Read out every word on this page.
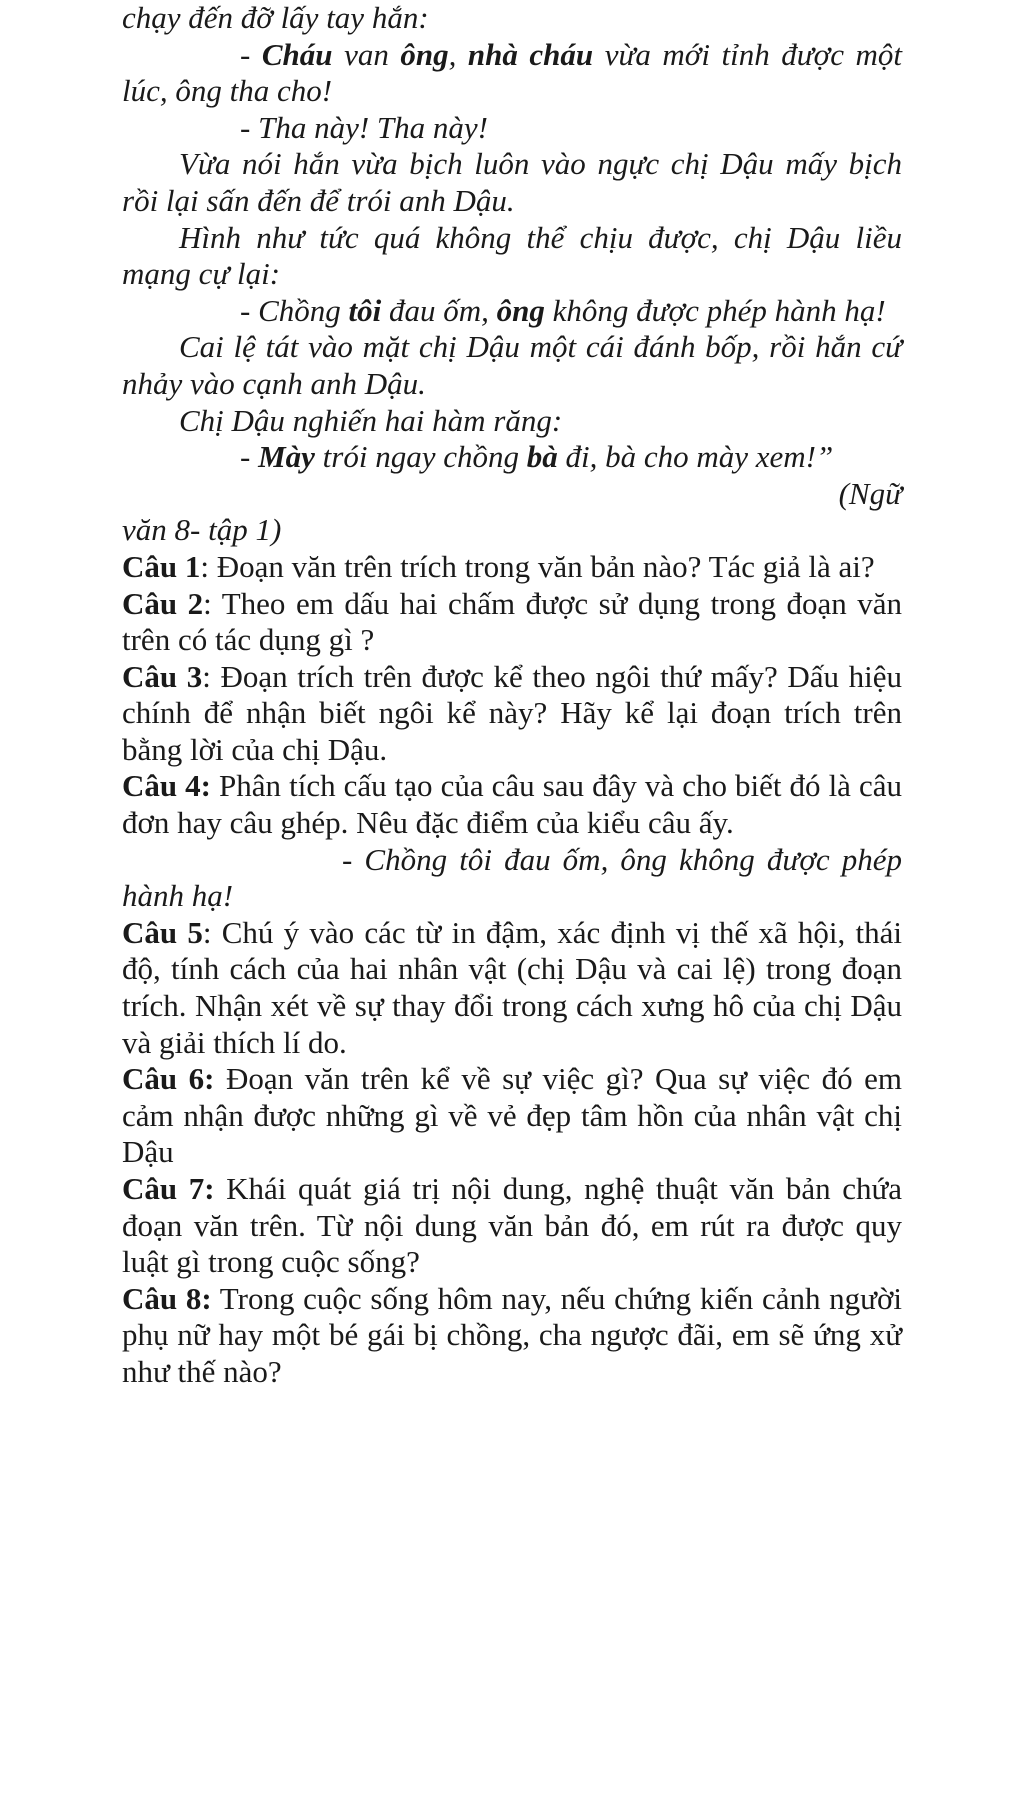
chạy đến đỡ lấy tay hắn:

- Cháu van ông, nhà cháu vừa mới tỉnh được một lúc, ông tha cho!

- Tha này! Tha này!

Vừa nói hắn vừa bịch luôn vào ngực chị Dậu mấy bịch rồi lại sấn đến để trói anh Dậu.

Hình như tức quá không thể chịu được, chị Dậu liều mạng cự lại:

- Chồng tôi đau ốm, ông không được phép hành hạ!

Cai lệ tát vào mặt chị Dậu một cái đánh bốp, rồi hắn cứ nhảy vào cạnh anh Dậu.

Chị Dậu nghiến hai hàm răng:

- Mày trói ngay chồng bà đi, bà cho mày xem!”

(Ngữ

văn 8- tập 1)

Câu 1: Đoạn văn trên trích trong văn bản nào? Tác giả là ai?

Câu 2: Theo em dấu hai chấm được sử dụng trong đoạn văn trên có tác dụng gì ?

Câu 3: Đoạn trích trên được kể theo ngôi thứ mấy? Dấu hiệu chính để nhận biết ngôi kể này? Hãy kể lại đoạn trích trên bằng lời của chị Dậu.

Câu 4: Phân tích cấu tạo của câu sau đây và cho biết đó là câu đơn hay câu ghép. Nêu đặc điểm của kiểu câu ấy.

- Chồng tôi đau ốm, ông không được phép hành hạ!

Câu 5: Chú ý vào các từ in đậm, xác định vị thế xã hội, thái độ, tính cách của hai nhân vật (chị Dậu và cai lệ) trong đoạn trích. Nhận xét về sự thay đổi trong cách xưng hô của chị Dậu và giải thích lí do.

Câu 6: Đoạn văn trên kể về sự việc gì? Qua sự việc đó em cảm nhận được những gì về vẻ đẹp tâm hồn của nhân vật chị Dậu

Câu 7: Khái quát giá trị nội dung, nghệ thuật văn bản chứa đoạn văn trên. Từ nội dung văn bản đó, em rút ra được quy luật gì trong cuộc sống?

Câu 8: Trong cuộc sống hôm nay, nếu chứng kiến cảnh người phụ nữ hay một bé gái bị chồng, cha ngược đãi, em sẽ ứng xử như thế nào?
